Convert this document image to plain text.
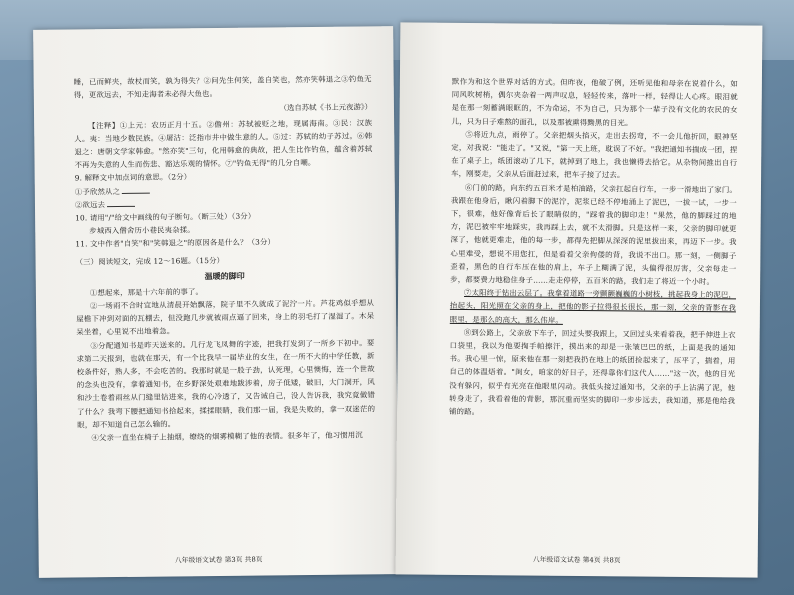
睡，已而鲜夹，故杖而笑，孰为得失？②问先生何笑，盖自笑也，然亦笑韩退之③钓鱼无得，更欲远去，不知走海者未必得大鱼也。

（选自苏轼《书上元夜游》）

【注释】①上元：农历正月十五。②儋州：苏轼被贬之地，现属海南。③民：汉族人。夷：当地少数民族。④屠沽：泛指市井中做生意的人。⑤过：苏轼的幼子苏过。⑥韩退之：唐朝文学家韩愈。"然亦笑"三句，化用韩愈的典故，把人生比作钓鱼，蕴含着苏轼不再为失意的人生而伤悲、豁达乐观的情怀。⑦"钓鱼无得"的几分自嘲。

9. 解释文中加点词的意思。（2分）

①予欣然从之

②欲远去

10. 请用"/"给文中画线的句子断句。（断三处）（3分）

步城西入僧舍历小巷民夷杂揉。

11. 文中作者"自笑"和"笑韩退之"的原因各是什么？（3分）

（三）阅读短文，完成 12～16题。（15分）

温暖的脚印

①想起来，那是十六年前的事了。

②一场雨不合时宜地从清晨开始飘落，院子里不久就成了泥泞一片。芦花鸡似乎想从屋檐下冲到对面的瓦棚去，但没跑几步就被雨点逼了回来，身上的羽毛打了湿湿了。木呆呆坐着，心里说不出地着急。

③分配通知书是昨天送来的。几行龙飞凤舞的字迹，把我打发到了一所乡下初中。要求第二天报到，也就在那天，有一个比我早一届毕业的女生，在一所不大的中学任教，新校条件好，熟人多，不会吃苦的。我那时就是一股子劲，认死理，心里懊悔，连一个世故的念头也没有，拿着通知书，在乡野深处艰难地跋涉着，房子低矮，破旧，大门洞开，风和沙土卷着雨丝从门缝里钻进来，我的心冷透了，又告诫自己，没人告诉我，我究竟做错了什么？我弯下腰把通知书拾起来，揉揉眼睛，我们那一届，我是失败的，拿一双迷茫的眼，却不知道自己怎么输的。

④父亲一直坐在椅子上抽烟，缭绕的烟雾模糊了他的表情。很多年了，他习惯用沉

八年级语文试卷 第3页 共8页

默作为和这个世界对话的方式。但昨夜，他破了例，还听见他和母亲在说着什么，如同风吹树梢，偶尔夹杂着一两声叹息，轻轻传来，落叶一样，轻得让人心疼。眼泪就是在那一刻蓄满眼眶的，不为命运，不为自己，只为那个一辈子没有文化的农民的女儿，只为日子难熬的面孔，以及那被熏得黝黑的目光。

⑤将近九点，雨停了。父亲把烟头掐灭，走出去拐弯，不一会儿他折回，眼神坚定，对我说："能走了。"又说，"第一天上班，耽误了不好。"我把通知书揣成一团，捏在了桌子上，纸团滚动了几下，就掉到了地上，我也懒得去拾它。从杂物间推出自行车，刚要走，父亲从后面赶过来，把车子接了过去。

⑥门前的路，向东约五百米才是柏油路，父亲扛起自行车，一步一滑地出了家门。我跟在他身后，瞅闪着脚下的泥泞，泥浆已经不停地涌上了泥巴，一拔一试，一步一下，很难，他好像背后长了眼睛似的，"踩着我的脚印走！"果然，他的脚踩过的地方，泥巴被牢牢地踩实，我再踩上去，就不太滑脚。只是这样一来，父亲的脚印就更深了，他就更难走，他的每一步，都得先把脚从深深的泥里拔出来，再迈下一步。我心里难受，想说不用您扛，但是看着父亲佝偻的背，我说不出口。那一刻，一侧脚子歪着，黑色的自行车压在他的肩上，车子上糊满了泥，头偏得很厉害，父亲每走一步，都要费力地稳住身子……走走停停，五百米的路，我们走了将近一个小时。

⑦太阳终于钻出云层了。我拿着道路一旁颤颤巍巍的小树枝，挑起我身上的泥巴，抬起头，阳光照在父亲的身上，把他的影子拉得很长很长，那一刻，父亲的背影在我眼里，是那么的高大，那么伟岸。

⑧到公路上，父亲放下车子，回过头要我跟上，又回过头来看着我，把手伸进上衣口袋里，我以为他要掏手帕擦汗，摸出来的却是一张皱巴巴的纸，上面是我的通知书。我心里一惊，原来他在那一刻把我扔在地上的纸团捡起来了，压平了，揣着，用自己的体温焐着。"闺女，咱家的好日子，还得靠你们这代人……"这一次，他的目光没有躲闪，似乎有光亮在他眼里闪动。我低头接过通知书，父亲的手上沾满了泥，他转身走了，我看着他的背影，那沉重而坚实的脚印一步步远去，我知道，那是他给我铺的路。

八年级语文试卷 第4页 共8页
